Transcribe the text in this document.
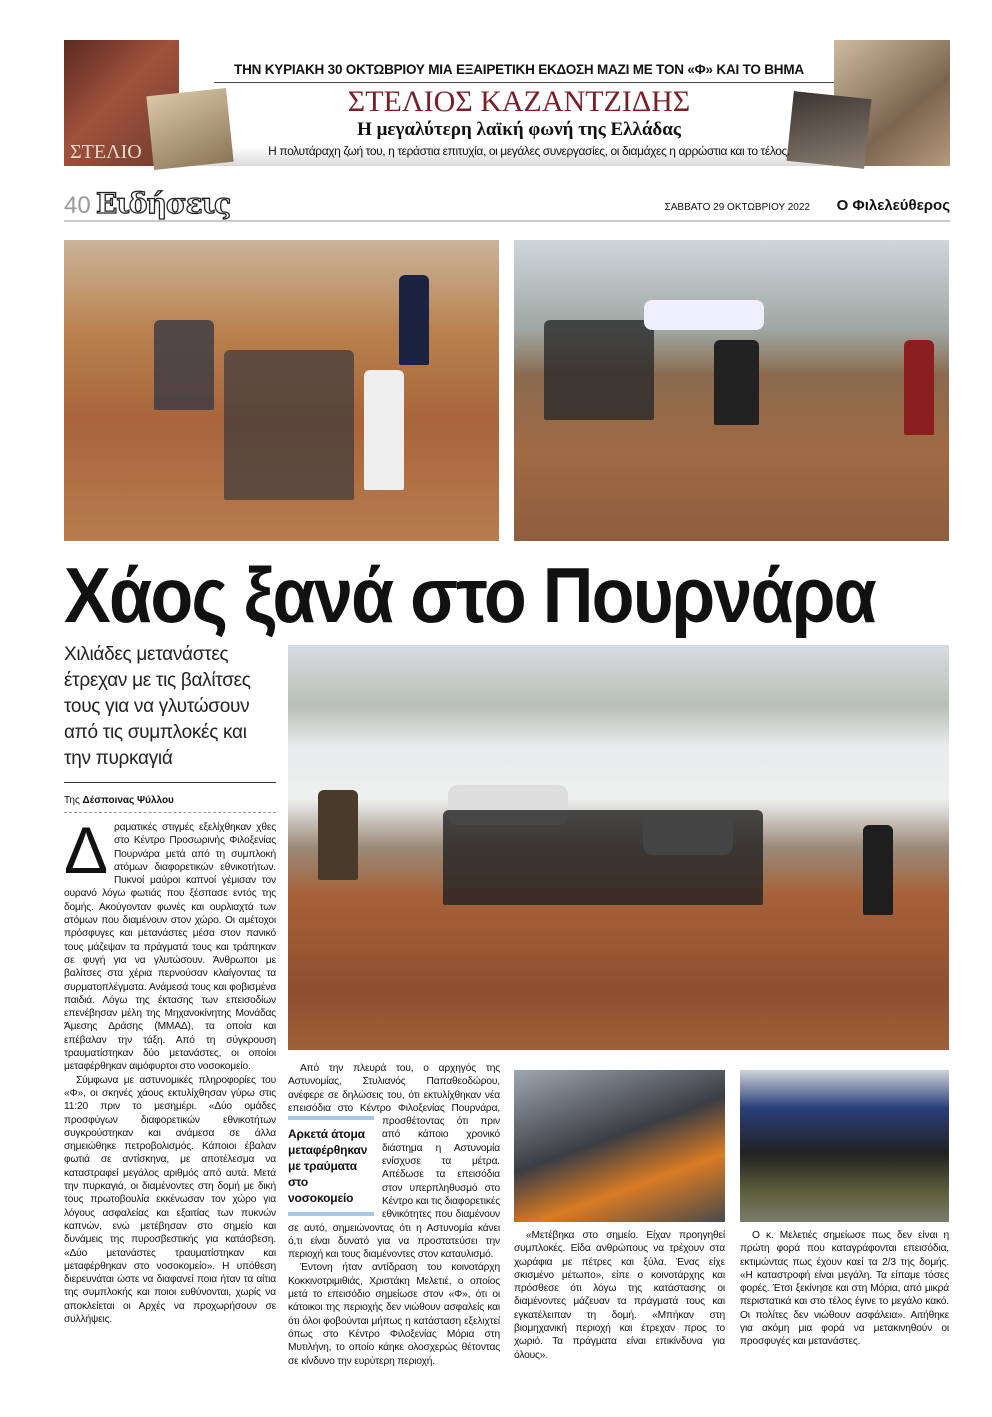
ΣΤΕΛΙΟ
ΤΗΝ ΚΥΡΙΑΚΗ 30 ΟΚΤΩΒΡΙΟΥ ΜΙΑ ΕΞΑΙΡΕΤΙΚΗ ΕΚΔΟΣΗ ΜΑΖΙ ΜΕ ΤΟΝ «Φ» ΚΑΙ ΤΟ ΒΗΜΑ
ΣΤΕΛΙΟΣ ΚΑΖΑΝΤΖΙΔΗΣ
Η μεγαλύτερη λαϊκή φωνή της Ελλάδας
Η πολυτάραχη ζωή του, η τεράστια επιτυχία, οι μεγάλες συνεργασίες, οι διαμάχες η αρρώστια και το τέλος.
40 Ειδήσεις	ΣΑΒΒΑΤΟ 29 ΟΚΤΩΒΡΙΟΥ 2022 Ο Φιλελεύθερος
Χάος ξανά στο Πουρνάρα
Χιλιάδες μετανάστες έτρεχαν με τις βαλίτσες τους για να γλυτώσουν από τις συμπλοκές και την πυρκαγιά
Της Δέσποινας Ψύλλου

Δραματικές στιγμές εξελίχθηκαν χθες στο Κέντρο Προσωρινής Φιλοξενίας Πουρνάρα μετά από τη συμπλοκή ατόμων διαφορετικών εθνικοτήτων. Πυκνοί μαύροι καπνοί γέμισαν τον ουρανό λόγω φωτιάς που ξέσπασε εντός της δομής. Ακούγονταν φωνές και ουρλιαχτά των ατόμων που διαμένουν στον χώρο. Οι αμέτοχοι πρόσφυγες και μετανάστες μέσα στον πανικό τους μάζεψαν τα πράγματά τους και τράπηκαν σε φυγή για να γλυτώσουν. Άνθρωποι με βαλίτσες στα χέρια περνούσαν κλαίγοντας τα συρματοπλέγματα. Ανάμεσά τους και φοβισμένα παιδιά. Λόγω της έκτασης των επεισοδίων επενέβησαν μέλη της Μηχανοκίνητης Μονάδας Άμεσης Δράσης (ΜΜΑΔ), τα οποία και επέβαλαν την τάξη. Από τη σύγκρουση τραυματίστηκαν δύο μετανάστες, οι οποίοι μεταφέρθηκαν αιμόφυρτοι στο νοσοκομείο.

Σύμφωνα με αστυνομικές πληροφορίες του «Φ», οι σκηνές χάους εκτυλίχθησαν γύρω στις 11:20 πριν το μεσημέρι. «Δύο ομάδες προσφύγων διαφορετικών εθνικοτήτων συγκρούστηκαν και ανάμεσα σε άλλα σημειώθηκε πετροβολισμός. Κάποιοι έβαλαν φωτιά σε αντίσκηνα, με αποτέλεσμα να καταστραφεί μεγάλος αριθμός από αυτά. Μετά την πυρκαγιά, οι διαμένοντες στη δομή με δική τους πρωτοβουλία εκκένωσαν τον χώρο για λόγους ασφαλείας και εξαιτίας των πυκνών καπνών, ενώ μετέβησαν στο σημείο και δυνάμεις της πυροσβεστικής για κατάσβεση. «Δύο μετανάστες τραυματίστηκαν και μεταφέρθηκαν στο νοσοκομείο». Η υπόθεση διερευνάται ώστε να διαφανεί ποια ήταν τα αίτια της συμπλοκής και ποιοι ευθύνονται, χωρίς να αποκλείεται οι Αρχές να προχωρήσουν σε συλλήψεις.

Αρκετά άτομα μεταφέρθηκαν με τραύματα στο νοσοκομείο

Από την πλευρά του, ο αρχηγός της Αστυνομίας, Στυλιανός Παπαθεοδώρου, ανέφερε σε δηλώσεις του, ότι εκτυλίχθηκαν νέα επεισόδια στο Κέντρο Φιλοξενίας Πουρνάρα, προσθέτοντας ότι πριν από κάποιο χρονικό διάστημα η Αστυνομία ενίσχυσε τα μέτρα. Απέδωσε τα επεισόδια στον υπερπληθυσμό στο Κέντρο και τις διαφορετικές εθνικότητες που διαμένουν σε αυτό, σημειώνοντας ότι η Αστυνομία κάνει ό,τι είναι δυνατό για να προστατεύσει την περιοχή και τους διαμένοντες στον καταυλισμό.

Έντονη ήταν αντίδραση του κοινοτάρχη Κοκκινοτριμιθιάς, Χριστάκη Μελετιέ, ο οποίος μετά το επεισόδιο σημείωσε στον «Φ», ότι οι κάτοικοι της περιοχής δεν νιώθουν ασφαλείς και ότι όλοι φοβούνται μήπως η κατάσταση εξελιχτεί όπως στο Κέντρο Φιλοξενίας Μόρια στη Μυτιλήνη, το οποίο κάηκε ολοσχερώς θέτοντας σε κίνδυνο την ευρύτερη περιοχή.

«Μετέβηκα στο σημείο. Είχαν προηγηθεί συμπλοκές. Είδα ανθρώπους να τρέχουν στα χωράφια με πέτρες και ξύλα. Ένας είχε σκισμένο μέτωπο», είπε ο κοινοτάρχης και πρόσθεσε ότι λόγω της κατάστασης οι διαμένοντες μάζευαν τα πράγματά τους και εγκατέλειπαν τη δομή. «Μπήκαν στη βιομηχανική περιοχή και έτρεχαν προς το χωριό. Τα πράγματα είναι επικίνδυνα για όλους».

Ο κ. Μελετιές σημείωσε πως δεν είναι η πρώτη φορά που καταγράφονται επεισόδια, εκτιμώντας πως έχουν καεί τα 2/3 της δομής. «Η καταστροφή είναι μεγάλη. Τα είπαμε τόσες φορές. Έτσι ξεκίνησε και στη Μόρια, από μικρά περιστατικά και στο τέλος έγινε το μεγάλο κακό. Οι πολίτες δεν νιώθουν ασφάλεια». Αιτήθηκε για ακόμη μια φορά να μετακινηθούν οι προσφυγές και μετανάστες.
